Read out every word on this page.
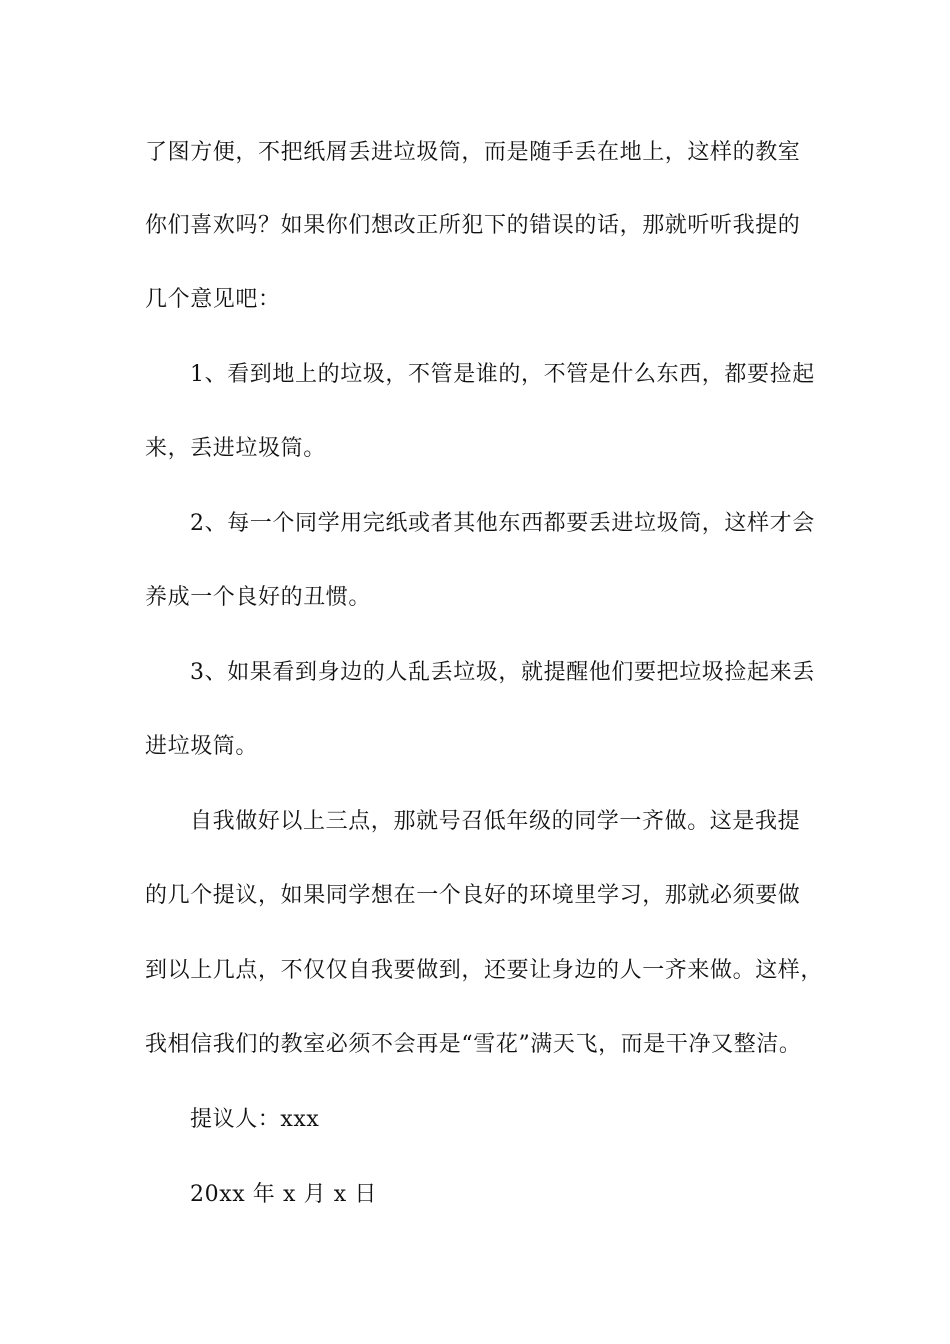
了图方便，不把纸屑丢进垃圾筒，而是随手丢在地上，这样的教室
你们喜欢吗？如果你们想改正所犯下的错误的话，那就听听我提的
几个意见吧：
1、看到地上的垃圾，不管是谁的，不管是什么东西，都要捡起
来，丢进垃圾筒。
2、每一个同学用完纸或者其他东西都要丢进垃圾筒，这样才会
养成一个良好的丑惯。
3、如果看到身边的人乱丢垃圾，就提醒他们要把垃圾捡起来丢
进垃圾筒。
自我做好以上三点，那就号召低年级的同学一齐做。这是我提
的几个提议，如果同学想在一个良好的环境里学习，那就必须要做
到以上几点，不仅仅自我要做到，还要让身边的人一齐来做。这样，
我相信我们的教室必须不会再是“雪花”满天飞，而是干净又整洁。
提议人：xxx
20xx 年 x 月 x 日
